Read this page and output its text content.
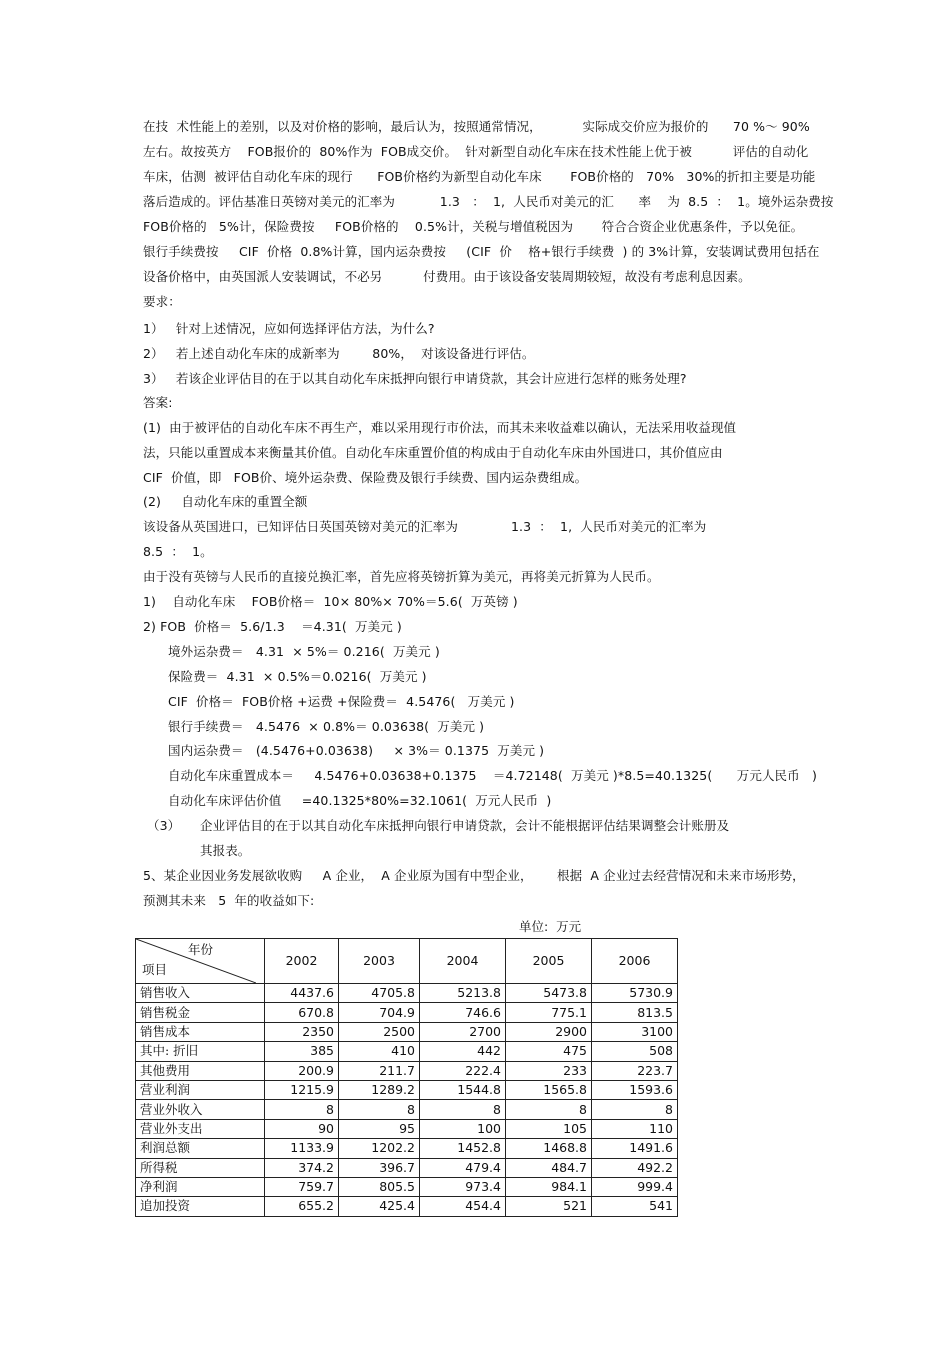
在技  术性能上的差别，以及对价格的影响，最后认为，按照通常情况，          实际成交价应为报价的      70 %～ 90%
左右。故按英方    FOB报价的  80%作为  FOB成交价。  针对新型自动化车床在技术性能上优于被          评估的自动化
车床，估测  被评估自动化车床的现行      FOB价格约为新型自动化车床       FOB价格的   70%   30%的折扣主要是功能
落后造成的。评估基准日英镑对美元的汇率为           1.3   ：  1,  人民币对美元的汇      率    为  8.5  ：  1。境外运杂费按
FOB价格的   5%计，保险费按     FOB价格的    0.5%计，关税与增值税因为       符合合资企业优惠条件，予以免征。
银行手续费按     CIF  价格  0.8%计算，国内运杂费按     (CIF  价    格+银行手续费  ) 的 3%计算，安装调试费用包括在
设备价格中，由英国派人安装调试，不必另          付费用。由于该设备安装周期较短，故没有考虑利息因素。
要求：
1）   针对上述情况，应如何选择评估方法，为什么?
2）   若上述自动化车床的成新率为        80%，  对该设备进行评估。
3）   若该企业评估目的在于以其自动化车床抵押向银行申请贷款，其会计应进行怎样的账务处理?
答案:
(1)  由于被评估的自动化车床不再生产，难以采用现行市价法，而其未来收益难以确认，无法采用收益现值
法，只能以重置成本来衡量其价值。自动化车床重置价值的构成由于自动化车床由外国进口，其价值应由
CIF  价值，即   FOB价、境外运杂费、保险费及银行手续费、国内运杂费组成。
(2)     自动化车床的重置全额
该设备从英国进口，已知评估日英国英镑对美元的汇率为             1.3  ：  1,  人民币对美元的汇率为
8.5  ：  1。
由于没有英镑与人民币的直接兑换汇率，首先应将英镑折算为美元，再将美元折算为人民币。
1)    自动化车床    FOB价格＝  10× 80%× 70%＝5.6(  万英镑 )
2) FOB  价格＝  5.6/1.3    ＝4.31(  万美元 )
境外运杂费＝   4.31  × 5%＝ 0.216(  万美元 )
保险费＝  4.31  × 0.5%＝0.0216(  万美元 )
CIF  价格＝  FOB价格 +运费 +保险费＝  4.5476(   万美元 )
银行手续费＝   4.5476  × 0.8%＝ 0.03638(  万美元 )
国内运杂费＝   (4.5476+0.03638)     × 3%＝ 0.1375  万美元 )
自动化车床重置成本＝     4.5476+0.03638+0.1375    ＝4.72148(  万美元 )*8.5=40.1325(      万元人民币   )
自动化车床评估价值     =40.1325*80%=32.1061(  万元人民币  )
（3） 企业评估目的在于以其自动化车床抵押向银行申请贷款，会计不能根据评估结果调整会计账册及
其报表。
5、某企业因业务发展欲收购     A 企业，  A 企业原为国有中型企业，      根据  A 企业过去经营情况和未来市场形势，
预测其未来   5  年的收益如下:
单位:  万元
年份
项目	2002	2003	2004	2005	2006
销售收入	4437.6	4705.8	5213.8	5473.8	5730.9
销售税金	670.8	704.9	746.6	775.1	813.5
销售成本	2350	2500	2700	2900	3100
其中: 折旧	385	410	442	475	508
其他费用	200.9	211.7	222.4	233	223.7
营业利润	1215.9	1289.2	1544.8	1565.8	1593.6
营业外收入	8	8	8	8	8
营业外支出	90	95	100	105	110
利润总额	1133.9	1202.2	1452.8	1468.8	1491.6
所得税	374.2	396.7	479.4	484.7	492.2
净利润	759.7	805.5	973.4	984.1	999.4
追加投资	655.2	425.4	454.4	521	541
